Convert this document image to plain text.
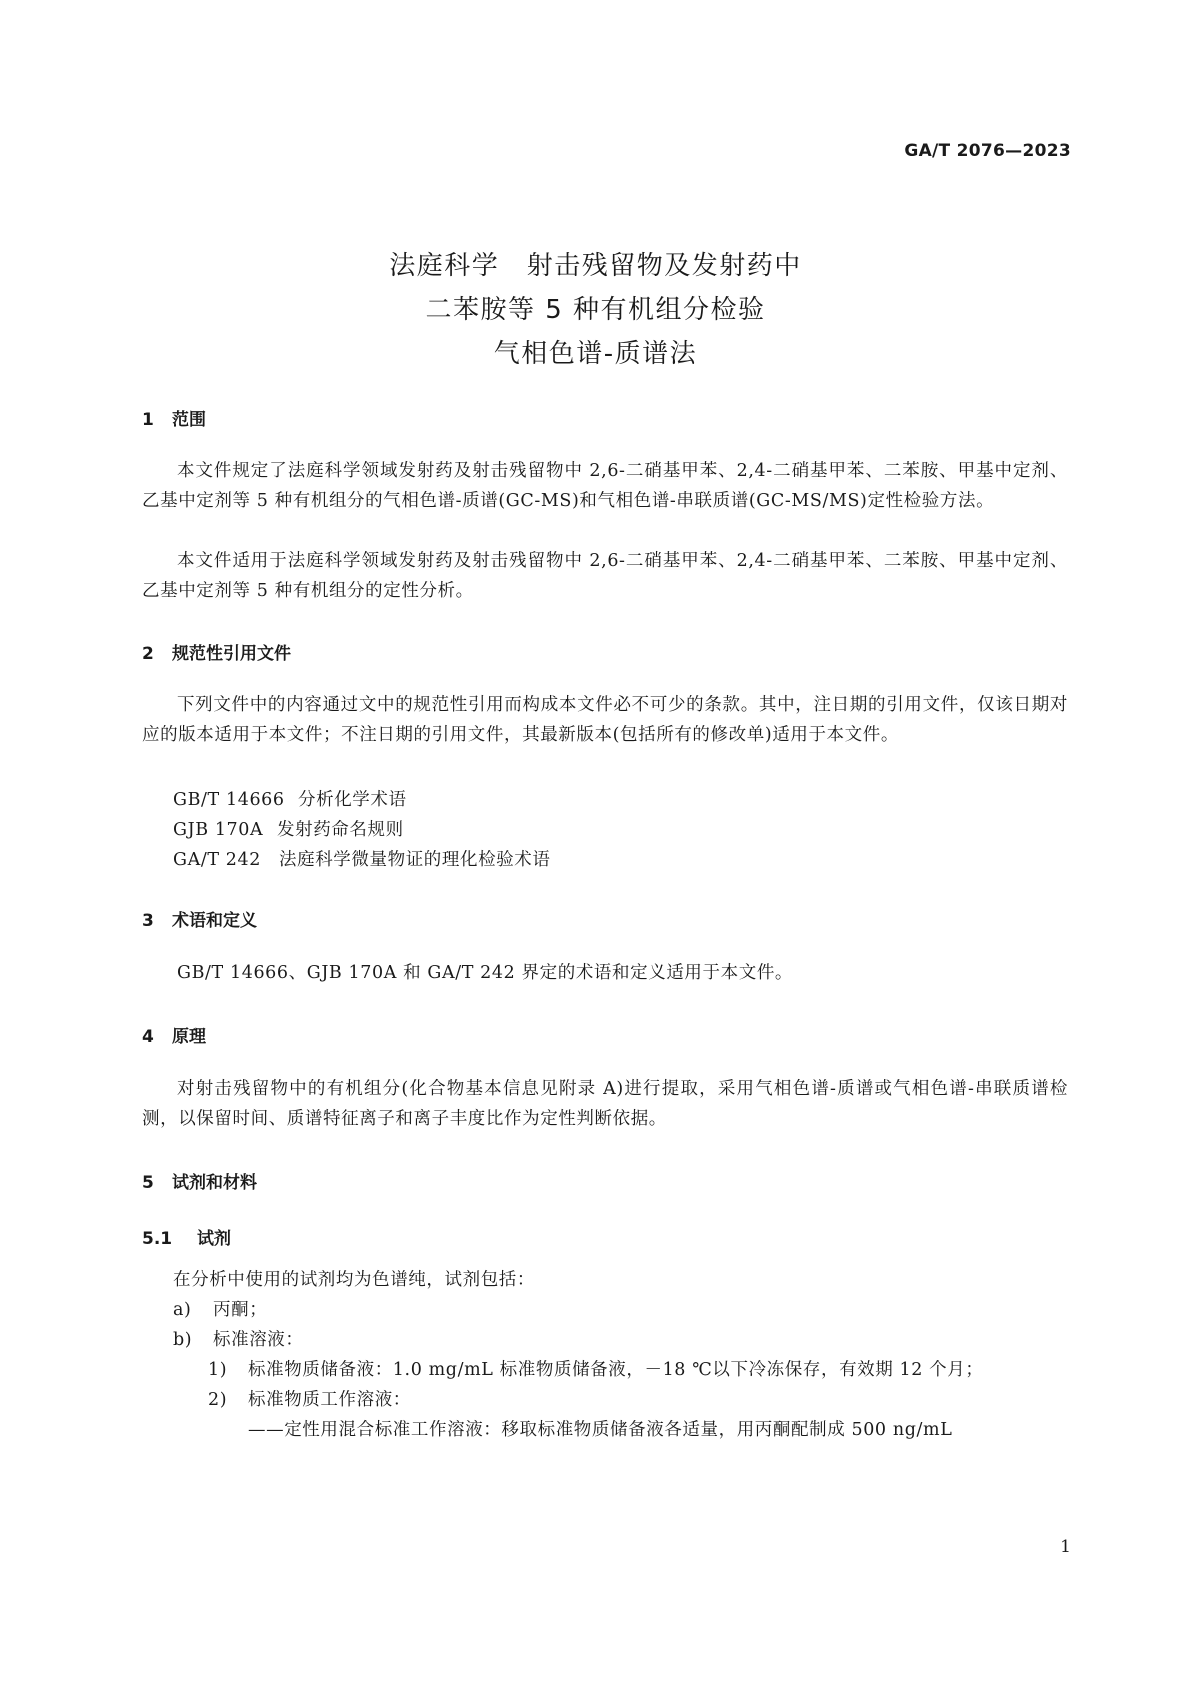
GA/T 2076—2023
法庭科学　射击残留物及发射药中
二苯胺等 5 种有机组分检验
气相色谱-质谱法
1 范围
本文件规定了法庭科学领域发射药及射击残留物中 2,6-二硝基甲苯、2,4-二硝基甲苯、二苯胺、甲基中定剂、乙基中定剂等 5 种有机组分的气相色谱-质谱(GC-MS)和气相色谱-串联质谱(GC-MS/MS)定性检验方法。
本文件适用于法庭科学领域发射药及射击残留物中 2,6-二硝基甲苯、2,4-二硝基甲苯、二苯胺、甲基中定剂、乙基中定剂等 5 种有机组分的定性分析。
2 规范性引用文件
下列文件中的内容通过文中的规范性引用而构成本文件必不可少的条款。其中，注日期的引用文件，仅该日期对应的版本适用于本文件；不注日期的引用文件，其最新版本(包括所有的修改单)适用于本文件。
GB/T 14666 分析化学术语
GJB 170A 发射药命名规则
GA/T 242 法庭科学微量物证的理化检验术语
3 术语和定义
GB/T 14666、GJB 170A 和 GA/T 242 界定的术语和定义适用于本文件。
4 原理
对射击残留物中的有机组分(化合物基本信息见附录 A)进行提取，采用气相色谱-质谱或气相色谱-串联质谱检测，以保留时间、质谱特征离子和离子丰度比作为定性判断依据。
5 试剂和材料
5.1 试剂
在分析中使用的试剂均为色谱纯，试剂包括：
a) 丙酮；
b) 标准溶液：
1) 标准物质储备液：1.0 mg/mL 标准物质储备液，－18 ℃以下冷冻保存，有效期 12 个月；
2) 标准物质工作溶液：
——定性用混合标准工作溶液：移取标准物质储备液各适量，用丙酮配制成 500 ng/mL
1
